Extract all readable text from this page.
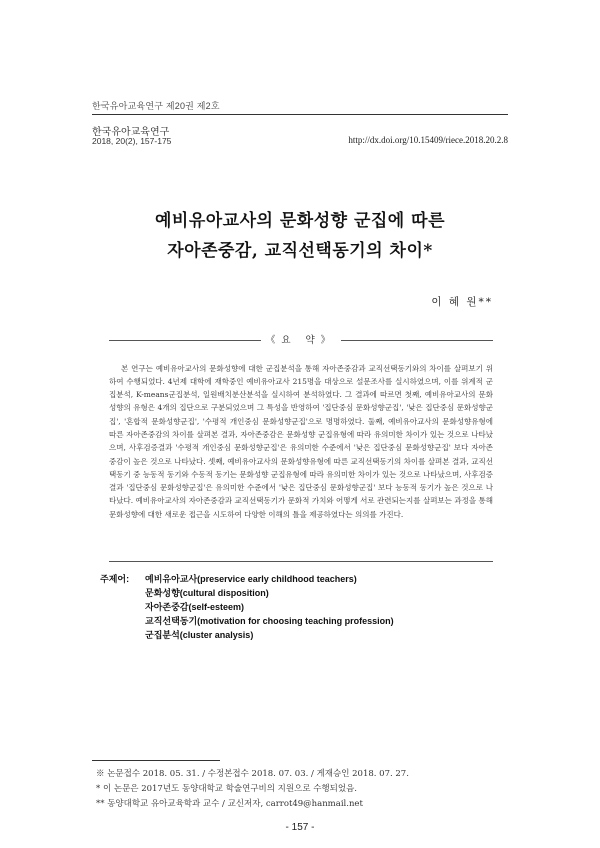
한국유아교육연구 제20권 제2호
한국유아교육연구
2018, 20(2), 157-175	http://dx.doi.org/10.15409/riece.2018.20.2.8
예비유아교사의 문화성향 군집에 따른
자아존중감, 교직선택동기의 차이*
이 혜 원**
《요 약》

본 연구는 예비유아교사의 문화성향에 대한 군집분석을 통해 자아존중감과 교직선택동기와의 차이를 살펴보기 위하여 수행되었다. 4년제 대학에 재학중인 예비유아교사 215명을 대상으로 설문조사를 실시하였으며, 이를 위계적 군집분석, K-means군집분석, 일원배치분산분석을 실시하여 분석하였다. 그 결과에 따르면 첫째, 예비유아교사의 문화성향의 유형은 4개의 집단으로 구분되었으며 그 특성을 반영하여 '집단중심 문화성향군집', '낮은 집단중심 문화성향군집', '혼합적 문화성향군집', '수평적 개인중심 문화성향군집'으로 명명하였다. 둘째, 예비유아교사의 문화성향유형에 따른 자아존중감의 차이를 살펴본 결과, 자아존중감은 문화성향 군집유형에 따라 유의미한 차이가 있는 것으로 나타났으며, 사후검증결과 '수평적 개인중심 문화성향군집'은 유의미한 수준에서 '낮은 집단중심 문화성향군집' 보다 자아존중감이 높은 것으로 나타났다. 셋째, 예비유아교사의 문화성향유형에 따른 교직선택동기의 차이를 살펴본 결과, 교직선택동기 중 능동적 동기와 수동적 동기는 문화성향 군집유형에 따라 유의미한 차이가 있는 것으로 나타났으며, 사후검증결과 '집단중심 문화성향군집'은 유의미한 수준에서 '낮은 집단중심 문화성향군집' 보다 능동적 동기가 높은 것으로 나타났다. 예비유아교사의 자아존중감과 교직선택동기가 문화적 가치와 어떻게 서로 관련되는지를 살펴보는 과정을 통해 문화성향에 대한 새로운 접근을 시도하여 다양한 이해의 틀을 제공하였다는 의의를 가진다.

주제어: 예비유아교사(preservice early childhood teachers)
문화성향(cultural disposition)
자아존중감(self-esteem)
교직선택동기(motivation for choosing teaching profession)
군집분석(cluster analysis)
※ 논문접수 2018. 05. 31. / 수정본접수 2018. 07. 03. / 게재승인 2018. 07. 27.
* 이 논문은 2017년도 동양대학교 학술연구비의 지원으로 수행되었음.
** 동양대학교 유아교육학과 교수 / 교신저자, carrot49@hanmail.net
- 157 -
